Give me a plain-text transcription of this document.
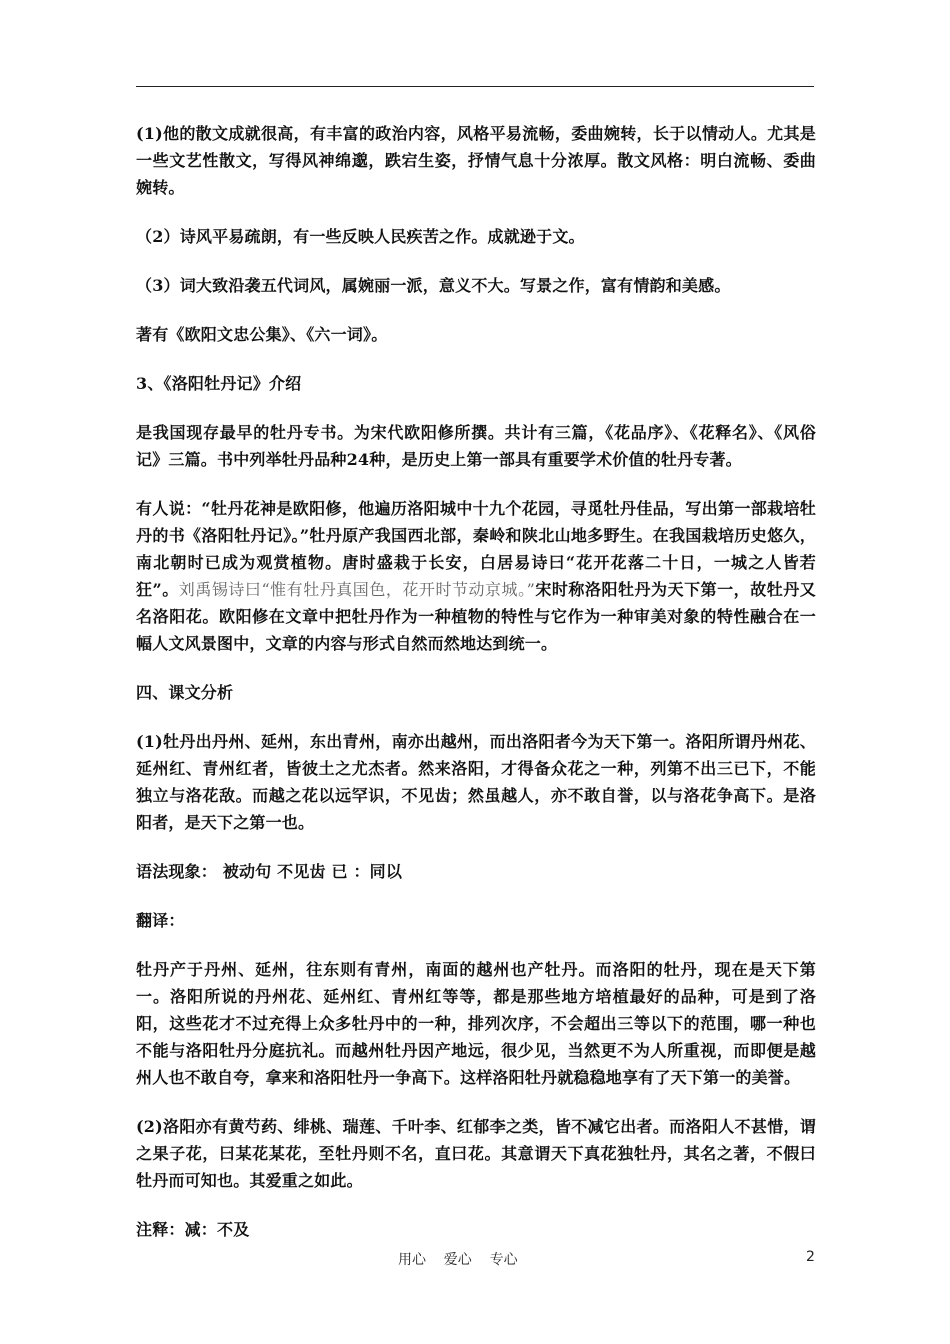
(1)他的散文成就很高，有丰富的政治内容，风格平易流畅，委曲婉转，长于以情动人。尤其是一些文艺性散文，写得风神绵邈，跌宕生姿，抒情气息十分浓厚。散文风格：明白流畅、委曲婉转。

（2）诗风平易疏朗，有一些反映人民疾苦之作。成就逊于文。

（3）词大致沿袭五代词风，属婉丽一派，意义不大。写景之作，富有情韵和美感。

著有《欧阳文忠公集》、《六一词》。

3、《洛阳牡丹记》介绍

是我国现存最早的牡丹专书。为宋代欧阳修所撰。共计有三篇，《花品序》、《花释名》、《风俗记》三篇。书中列举牡丹品种24种，是历史上第一部具有重要学术价值的牡丹专著。

有人说：“牡丹花神是欧阳修，他遍历洛阳城中十九个花园，寻觅牡丹佳品，写出第一部栽培牡丹的书《洛阳牡丹记》。”牡丹原产我国西北部，秦岭和陕北山地多野生。在我国栽培历史悠久，南北朝时已成为观赏植物。唐时盛栽于长安，白居易诗曰“花开花落二十日，一城之人皆若狂”。刘禹锡诗曰“惟有牡丹真国色，花开时节动京城。”宋时称洛阳牡丹为天下第一，故牡丹又名洛阳花。欧阳修在文章中把牡丹作为一种植物的特性与它作为一种审美对象的特性融合在一幅人文风景图中，文章的内容与形式自然而然地达到统一。

四、课文分析

(1)牡丹出丹州、延州，东出青州，南亦出越州，而出洛阳者今为天下第一。洛阳所谓丹州花、延州红、青州红者，皆彼土之尤杰者。然来洛阳，才得备众花之一种，列第不出三已下，不能独立与洛花敌。而越之花以远罕识，不见齿；然虽越人，亦不敢自誉，以与洛花争高下。是洛阳者，是天下之第一也。

语法现象： 被动句 不见齿 已 ：同以

翻译：

牡丹产于丹州、延州，往东则有青州，南面的越州也产牡丹。而洛阳的牡丹，现在是天下第一。洛阳所说的丹州花、延州红、青州红等等，都是那些地方培植最好的品种，可是到了洛阳，这些花才不过充得上众多牡丹中的一种，排列次序，不会超出三等以下的范围，哪一种也不能与洛阳牡丹分庭抗礼。而越州牡丹因产地远，很少见，当然更不为人所重视，而即便是越州人也不敢自夸，拿来和洛阳牡丹一争高下。这样洛阳牡丹就稳稳地享有了天下第一的美誉。

(2)洛阳亦有黄芍药、绯桃、瑞莲、千叶李、红郁李之类，皆不减它出者。而洛阳人不甚惜，谓之果子花，曰某花某花，至牡丹则不名，直曰花。其意谓天下真花独牡丹，其名之著，不假曰牡丹而可知也。其爱重之如此。

注释：减：不及

用心    爱心    专心	2
